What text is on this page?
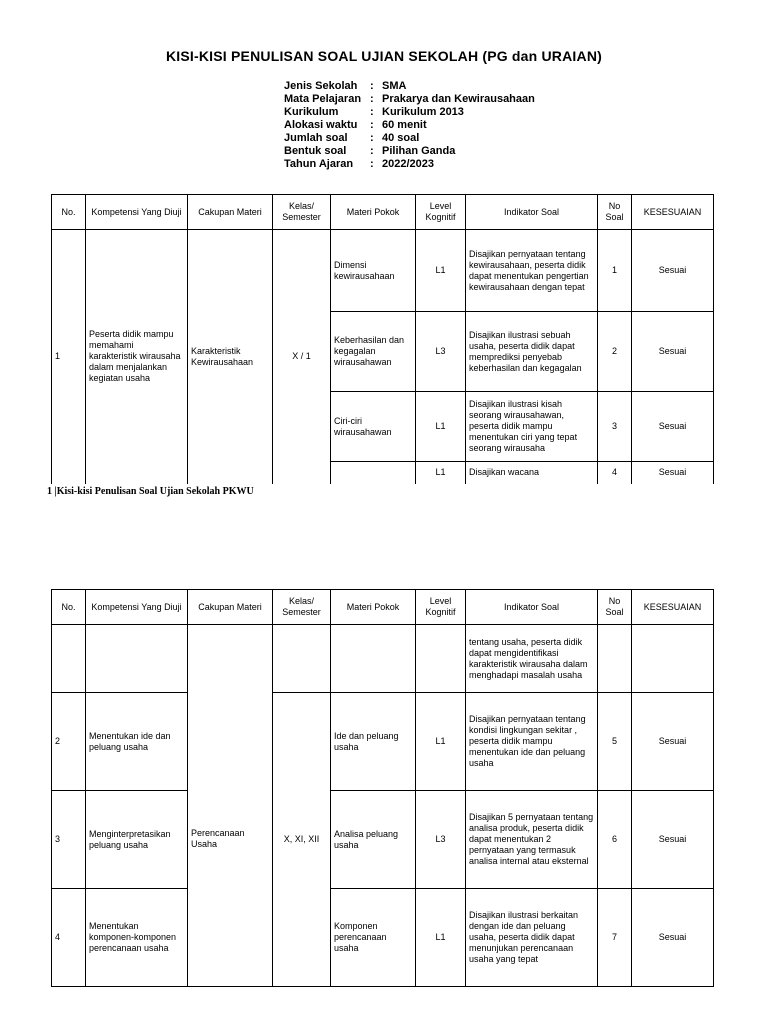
KISI-KISI PENULISAN SOAL UJIAN SEKOLAH (PG dan URAIAN)
Jenis Sekolah	: SMA
Mata Pelajaran : Prakarya dan Kewirausahaan
Kurikulum	: Kurikulum 2013
Alokasi waktu	: 60 menit
Jumlah soal	: 40 soal
Bentuk soal	: Pilihan Ganda
Tahun Ajaran	: 2022/2023
No.	Kompetensi Yang Diuji	Cakupan Materi	Kelas/ Semester	Materi Pokok	Level Kognitif	Indikator Soal	No Soal	KESESUAIAN
1	Peserta didik mampu memahami karakteristik wirausaha dalam menjalankan kegiatan usaha	Karakteristik Kewirausahaan	X / 1	Dimensi kewirausahaan	L1	Disajikan pernyataan tentang kewirausahaan, peserta didik dapat menentukan pengertian kewirausahaan dengan tepat	1	Sesuai
				Keberhasilan dan kegagalan wirausahawan	L3	Disajikan ilustrasi sebuah usaha, peserta didik dapat memprediksi penyebab keberhasilan dan kegagalan	2	Sesuai
				Ciri-ciri wirausahawan	L1	Disajikan ilustrasi kisah seorang wirausahawan, peserta didik mampu menentukan ciri yang tepat seorang wirausaha	3	Sesuai
					L1	Disajikan wacana	4	Sesuai
1 |Kisi-kisi Penulisan Soal Ujian Sekolah PKWU
No.	Kompetensi Yang Diuji	Cakupan Materi	Kelas/ Semester	Materi Pokok	Level Kognitif	Indikator Soal	No Soal	KESESUAIAN
						tentang usaha, peserta didik dapat mengidentifikasi karakteristik wirausaha dalam menghadapi masalah usaha		
2	Menentukan ide dan peluang usaha	Perencanaan Usaha	X, XI, XII	Ide dan peluang usaha	L1	Disajikan pernyataan tentang kondisi lingkungan sekitar , peserta didik mampu menentukan ide dan peluang usaha	5	Sesuai
3	Menginterpretasikan peluang usaha			Analisa peluang usaha	L3	Disajikan 5 pernyataan tentang analisa produk, peserta didik dapat menentukan 2 pernyataan yang termasuk analisa internal atau eksternal	6	Sesuai
4	Menentukan komponen-komponen perencanaan usaha			Komponen perencanaan usaha	L1	Disajikan ilustrasi berkaitan dengan ide dan peluang usaha, peserta didik dapat menunjukan perencanaan usaha yang tepat	7	Sesuai
